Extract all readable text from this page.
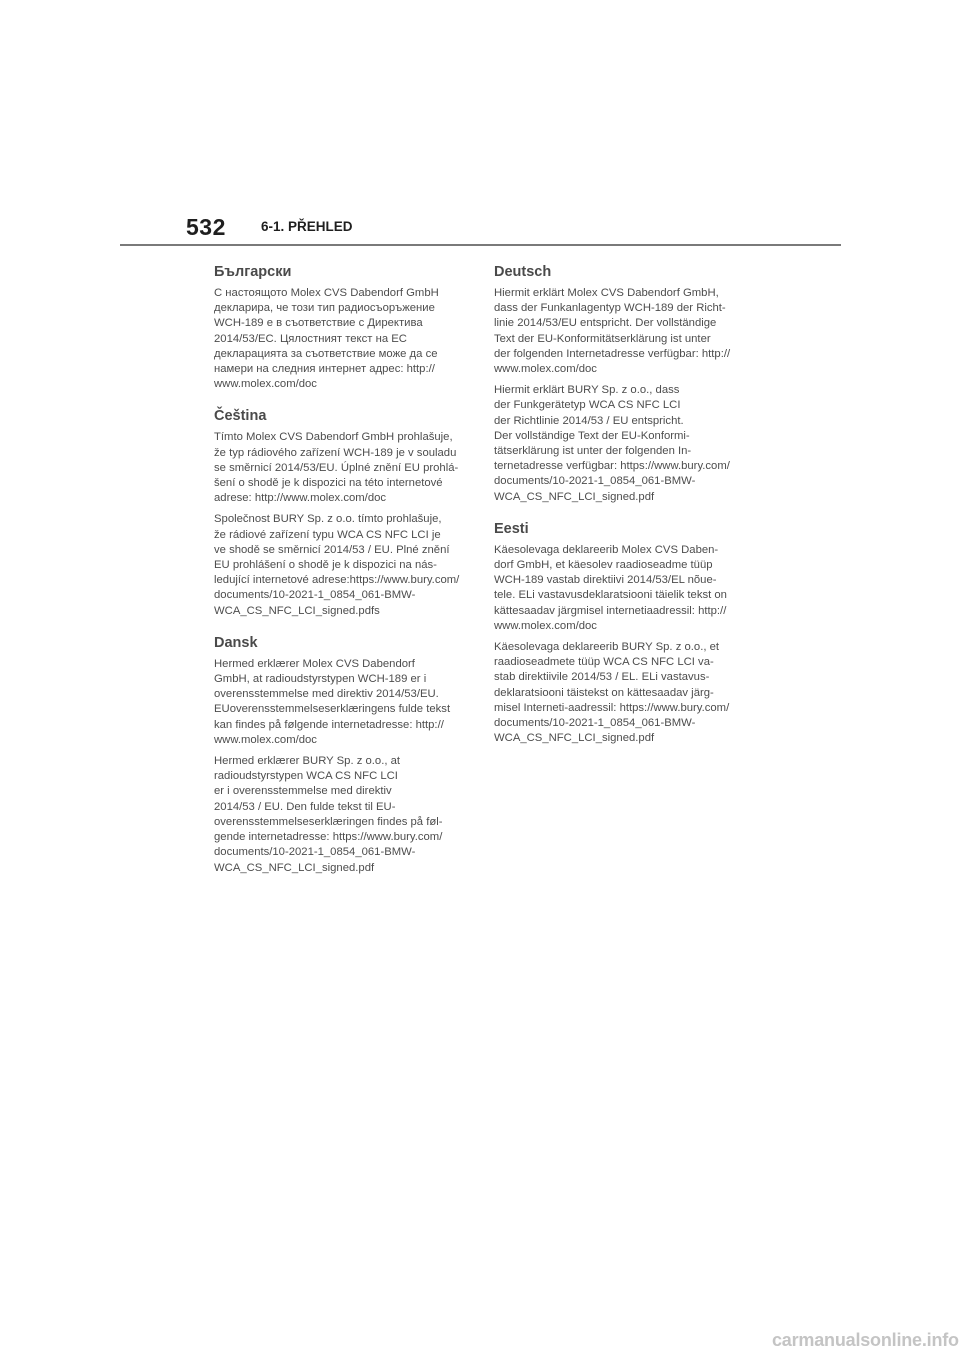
532	6-1. PŘEHLED
Български

С настоящото Molex CVS Dabendorf GmbH
декларира, че този тип радиосъоръжение
WCH-189 е в съответствие с Директива
2014/53/ЕС. Цялостният текст на ЕС
декларацията за съответствие може да се
намери на следния интернет адрес: http://
www.molex.com/doc

Čeština

Tímto Molex CVS Dabendorf GmbH prohlašuje,
že typ rádiového zařízení WCH-189 je v souladu
se směrnicí 2014/53/EU. Úplné znění EU prohlá-
šení o shodě je k dispozici na této internetové
adrese: http://www.molex.com/doc

Společnost BURY Sp. z o.o. tímto prohlašuje,
že rádiové zařízení typu WCA CS NFC LCI je
ve shodě se směrnicí 2014/53 / EU. Plné znění
EU prohlášení o shodě je k dispozici na nás-
ledující internetové adrese:https://www.bury.com/
documents/10-2021-1_0854_061-BMW-
WCA_CS_NFC_LCI_signed.pdfs

Dansk

Hermed erklærer Molex CVS Dabendorf
GmbH, at radioudstyrstypen WCH-189 er i
overensstemmelse med direktiv 2014/53/EU.
EUoverensstemmelseserklæringens fulde tekst
kan findes på følgende internetadresse: http://
www.molex.com/doc

Hermed erklærer BURY Sp. z o.o., at
radioudstyrstypen WCA CS NFC LCI
er i overensstemmelse med direktiv
2014/53 / EU. Den fulde tekst til EU-
overensstemmelseserklæringen findes på føl-
gende internetadresse: https://www.bury.com/
documents/10-2021-1_0854_061-BMW-
WCA_CS_NFC_LCI_signed.pdf

Deutsch

Hiermit erklärt Molex CVS Dabendorf GmbH,
dass der Funkanlagentyp WCH-189 der Richt-
linie 2014/53/EU entspricht. Der vollständige
Text der EU-Konformitätserklärung ist unter
der folgenden Internetadresse verfügbar: http://
www.molex.com/doc

Hiermit erklärt BURY Sp. z o.o., dass
der Funkgerätetyp WCA CS NFC LCI
der Richtlinie 2014/53 / EU entspricht.
Der vollständige Text der EU-Konformi-
tätserklärung ist unter der folgenden In-
ternetadresse verfügbar: https://www.bury.com/
documents/10-2021-1_0854_061-BMW-
WCA_CS_NFC_LCI_signed.pdf

Eesti

Käesolevaga deklareerib Molex CVS Daben-
dorf GmbH, et käesolev raadioseadme tüüp
WCH-189 vastab direktiivi 2014/53/EL nõue-
tele. ELi vastavusdeklaratsiooni täielik tekst on
kättesaadav järgmisel internetiaadressil: http://
www.molex.com/doc

Käesolevaga deklareerib BURY Sp. z o.o., et
raadioseadmete tüüp WCA CS NFC LCI va-
stab direktiivile 2014/53 / EL. ELi vastavus-
deklaratsiooni täistekst on kättesaadav järg-
misel Interneti-aadressil: https://www.bury.com/
documents/10-2021-1_0854_061-BMW-
WCA_CS_NFC_LCI_signed.pdf

carmanualsonline.info
